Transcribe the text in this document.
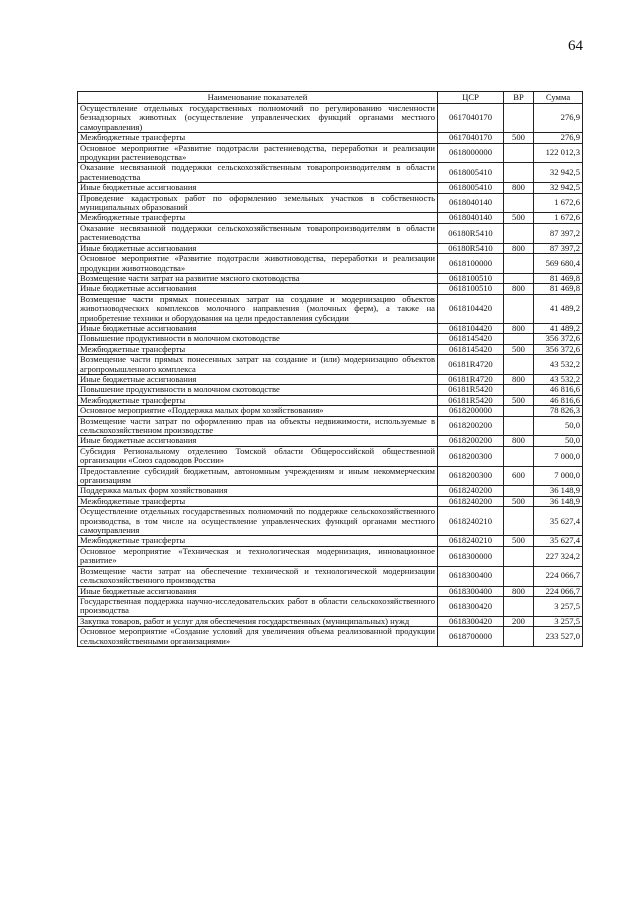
64
Наименование показателей	ЦСР	ВР	Сумма
Осуществление отдельных государственных полномочий по регулированию численности безнадзорных животных (осуществление управленческих функций органами местного самоуправления)	0617040170		276,9
Межбюджетные трансферты	0617040170	500	276,9
Основное мероприятие «Развитие подотрасли растениеводства, переработки и реализации продукции растениеводства»	0618000000		122 012,3
Оказание несвязанной поддержки сельскохозяйственным товаропроизводителям в области растениеводства	0618005410		32 942,5
Иные бюджетные ассигнования	0618005410	800	32 942,5
Проведение кадастровых работ по оформлению земельных участков в собственность муниципальных образований	0618040140		1 672,6
Межбюджетные трансферты	0618040140	500	1 672,6
Оказание несвязанной поддержки сельскохозяйственным товаропроизводителям в области растениеводства	06180R5410		87 397,2
Иные бюджетные ассигнования	06180R5410	800	87 397,2
Основное мероприятие «Развитие подотрасли животноводства, переработки и реализации продукции животноводства»	0618100000		569 680,4
Возмещение части затрат на развитие мясного скотоводства	0618100510		81 469,8
Иные бюджетные ассигнования	0618100510	800	81 469,8
Возмещение части прямых понесенных затрат на создание и модернизацию объектов животноводческих комплексов молочного направления (молочных ферм), а также на приобретение техники и оборудования на цели предоставления субсидии	0618104420		41 489,2
Иные бюджетные ассигнования	0618104420	800	41 489,2
Повышение продуктивности в молочном скотоводстве	0618145420		356 372,6
Межбюджетные трансферты	0618145420	500	356 372,6
Возмещение части прямых понесенных затрат на создание и (или) модернизацию объектов агропромышленного комплекса	06181R4720		43 532,2
Иные бюджетные ассигнования	06181R4720	800	43 532,2
Повышение продуктивности в молочном скотоводстве	06181R5420		46 816,6
Межбюджетные трансферты	06181R5420	500	46 816,6
Основное мероприятие «Поддержка малых форм хозяйствования»	0618200000		78 826,3
Возмещение части затрат по оформлению прав на объекты недвижимости, используемые в сельскохозяйственном производстве	0618200200		50,0
Иные бюджетные ассигнования	0618200200	800	50,0
Субсидия Региональному отделению Томской области Общероссийской общественной организации «Союз садоводов России»	0618200300		7 000,0
Предоставление субсидий бюджетным, автономным учреждениям и иным некоммерческим организациям	0618200300	600	7 000,0
Поддержка малых форм хозяйствования	0618240200		36 148,9
Межбюджетные трансферты	0618240200	500	36 148,9
Осуществление отдельных государственных полномочий по поддержке сельскохозяйственного производства, в том числе на осуществление управленческих функций органами местного самоуправления	0618240210		35 627,4
Межбюджетные трансферты	0618240210	500	35 627,4
Основное мероприятие «Техническая и технологическая модернизация, инновационное развитие»	0618300000		227 324,2
Возмещение части затрат на обеспечение технической и технологической модернизации сельскохозяйственного производства	0618300400		224 066,7
Иные бюджетные ассигнования	0618300400	800	224 066,7
Государственная поддержка научно-исследовательских работ в области сельскохозяйственного производства	0618300420		3 257,5
Закупка товаров, работ и услуг для обеспечения государственных (муниципальных) нужд	0618300420	200	3 257,5
Основное мероприятие «Создание условий для увеличения объема реализованной продукции сельскохозяйственными организациями»	0618700000		233 527,0
